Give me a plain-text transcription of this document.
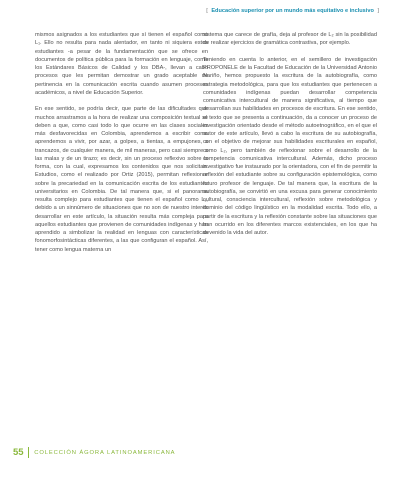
[ Educación superior por un mundo más equitativo e inclusivo ]

mismos asignados a los estudiantes que sí tienen el español como L₁. Ello no resulta para nada alentador, en tanto ni siquiera estos estudiantes ‑a pesar de la fundamentación que se ofrece en documentos de política pública para la formación en lenguaje, como los Estándares Básicos de Calidad y los DBA‑, llevan a cabo procesos que les permitan demostrar un grado aceptable de pertinencia en la comunicación escrita cuando asumen procesos académicos, a nivel de Educación Superior.

En ese sentido, se podría decir, que parte de las dificultades que muchos arrastramos a la hora de realizar una composición textual se deben a que, como casi todo lo que ocurre en las clases sociales más desfavorecidas en Colombia, aprendemos a escribir como aprendemos a vivir, por azar, a golpes, a tientas, a empujones, a trancazos, de cualquier manera, de mil maneras, pero casi siempre a las malas y de un tirazo; es decir, sin un proceso reflexivo sobre la forma, con la cual, expresamos los contenidos que nos solicitan. Estudios, como el realizado por Ortiz (2015), permitan reflexionar sobre la precariedad en la comunicación escrita de los estudiantes universitarios en Colombia. De tal manera que, si el panorama resulta complejo para estudiantes que tienen el español como L₁, debido a un sinnúmero de situaciones que no son de nuestro interés desarrollar en este artículo, la situación resulta más compleja para aquellos estudiantes que provienen de comunidades indígenas y han aprendido a simbolizar la realidad en lenguas con características fonomorfosintácticas diferentes, a las que configuran el español. Así, tener como lengua materna un

sistema que carece de grafía, deja al profesor de L₂ sin la posibilidad de realizar ejercicios de gramática contrastiva, por ejemplo.

Teniendo en cuenta lo anterior, en el semillero de investigación PROPONELE de la Facultad de Educación de la Universidad Antonio Nariño, hemos propuesto la escritura de la autobiografía, como estrategia metodológica, para que los estudiantes que pertenecen a comunidades indígenas puedan desarrollar competencia comunicativa intercultural de manera significativa, al tiempo que desarrollan sus habilidades en procesos de escritura. En ese sentido, el texto que se presenta a continuación, da a conocer un proceso de investigación orientado desde el método autoetnográfico, en el que el autor de este artículo, llevó a cabo la escritura de su autobiografía, con el objetivo de mejorar sus habilidades escriturales en español, como L₂, pero también de reflexionar sobre el desarrollo de la competencia comunicativa intercultural. Además, dicho proceso investigativo fue instaurado por la orientadora, con el fin de permitir la reflexión del estudiante sobre su configuración epistemológica, como futuro profesor de lenguaje. De tal manera que, la escritura de la autobiografía, se convirtió en una excusa para generar conocimiento cultural, consciencia intercultural, reflexión sobre metodológica y dominio del código lingüístico en la modalidad escrita. Todo ello, a partir de la escritura y la reflexión constante sobre las situaciones que han ocurrido en los diferentes marcos existenciales, en los que ha devenido la vida del autor.

55 COLECCIÓN ÁGORA LATINOAMERICANA
